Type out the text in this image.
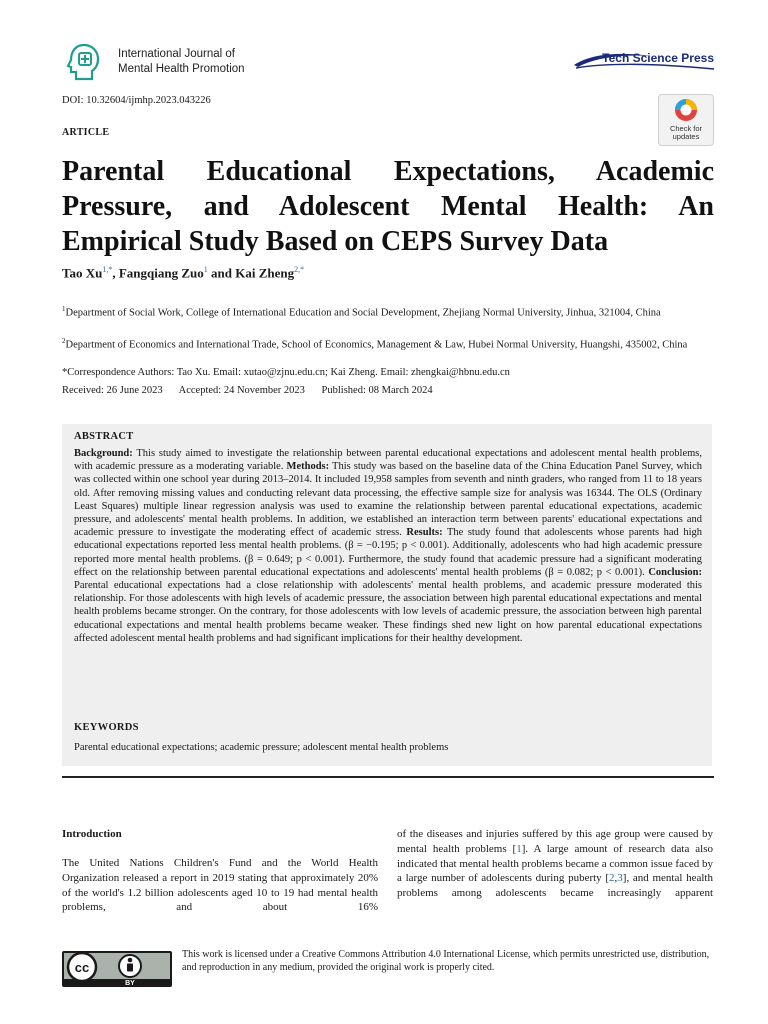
International Journal of
Mental Health Promotion
Tech Science Press
DOI: 10.32604/ijmhp.2023.043226
ARTICLE	Check for
updates
Parental Educational Expectations, Academic Pressure, and Adolescent Mental Health: An Empirical Study Based on CEPS Survey Data
Tao $Xu^{1,*}$, Fangqiang Zuo$^1$ and Kai Zheng$^{2,*}$
$^1$Department of Social Work, College of International Education and Social Development, Zhejiang Normal University, Jinhua, 321004, China
$^2$Department of Economics and International Trade, School of Economics, Management & Law, Hubei Normal University, Huangshi, 435002, China
*Correspondence Authors: Tao Xu. Email: xutao@zjnu.edu.cn; Kai Zheng. Email: zhengkai@hbnu.edu.cn
Received: 26 June 2023 Accepted: 24 November 2023 Published: 08 March 2024
ABSTRACT
Background: This study aimed to investigate the relationship between parental educational expectations and adolescent mental health problems, with academic pressure as a moderating variable. Methods: This study was based on the baseline data of the China Education Panel Survey, which was collected within one school year during 2013–2014. It included 19,958 samples from seventh and ninth graders, who ranged from 11 to 18 years old. After removing missing values and conducting relevant data processing, the effective sample size for analysis was 16344. The OLS (Ordinary Least Squares) multiple linear regression analysis was used to examine the relationship between parental educational expectations, academic pressure, and adolescents' mental health problems. In addition, we established an interaction term between parents' educational expectations and academic pressure to investigate the moderating effect of academic stress. Results: The study found that adolescents whose parents had high educational expectations reported less mental health problems. (β = −0.195; p < 0.001). Additionally, adolescents who had high academic pressure reported more mental health problems. (β = 0.649; p < 0.001). Furthermore, the study found that academic pressure had a significant moderating effect on the relationship between parental educational expectations and adolescents' mental health problems (β = 0.082; p < 0.001). Conclusion: Parental educational expectations had a close relationship with adolescents' mental health problems, and academic pressure moderated this relationship. For those adolescents with high levels of academic pressure, the association between high parental educational expectations and mental health problems became stronger. On the contrary, for those adolescents with low levels of academic pressure, the association between high parental educational expectations and mental health problems became weaker. These findings shed new light on how parental educational expectations affected adolescent mental health problems and had significant implications for their healthy development.
KEYWORDS
Parental educational expectations; academic pressure; adolescent mental health problems
Introduction
The United Nations Children's Fund and the World Health Organization released a report in 2019 stating that approximately 20% of the world's 1.2 billion adolescents aged 10 to 19 had mental health problems, and about 16%
of the diseases and injuries suffered by this age group were caused by mental health problems [1]. A large amount of research data also indicated that mental health problems became a common issue faced by a large number of adolescents during puberty [2,3], and mental health problems among adolescents became increasingly apparent
cc
BY
This work is licensed under a Creative Commons Attribution 4.0 International License, which permits unrestricted use, distribution, and reproduction in any medium, provided the original work is properly cited.
